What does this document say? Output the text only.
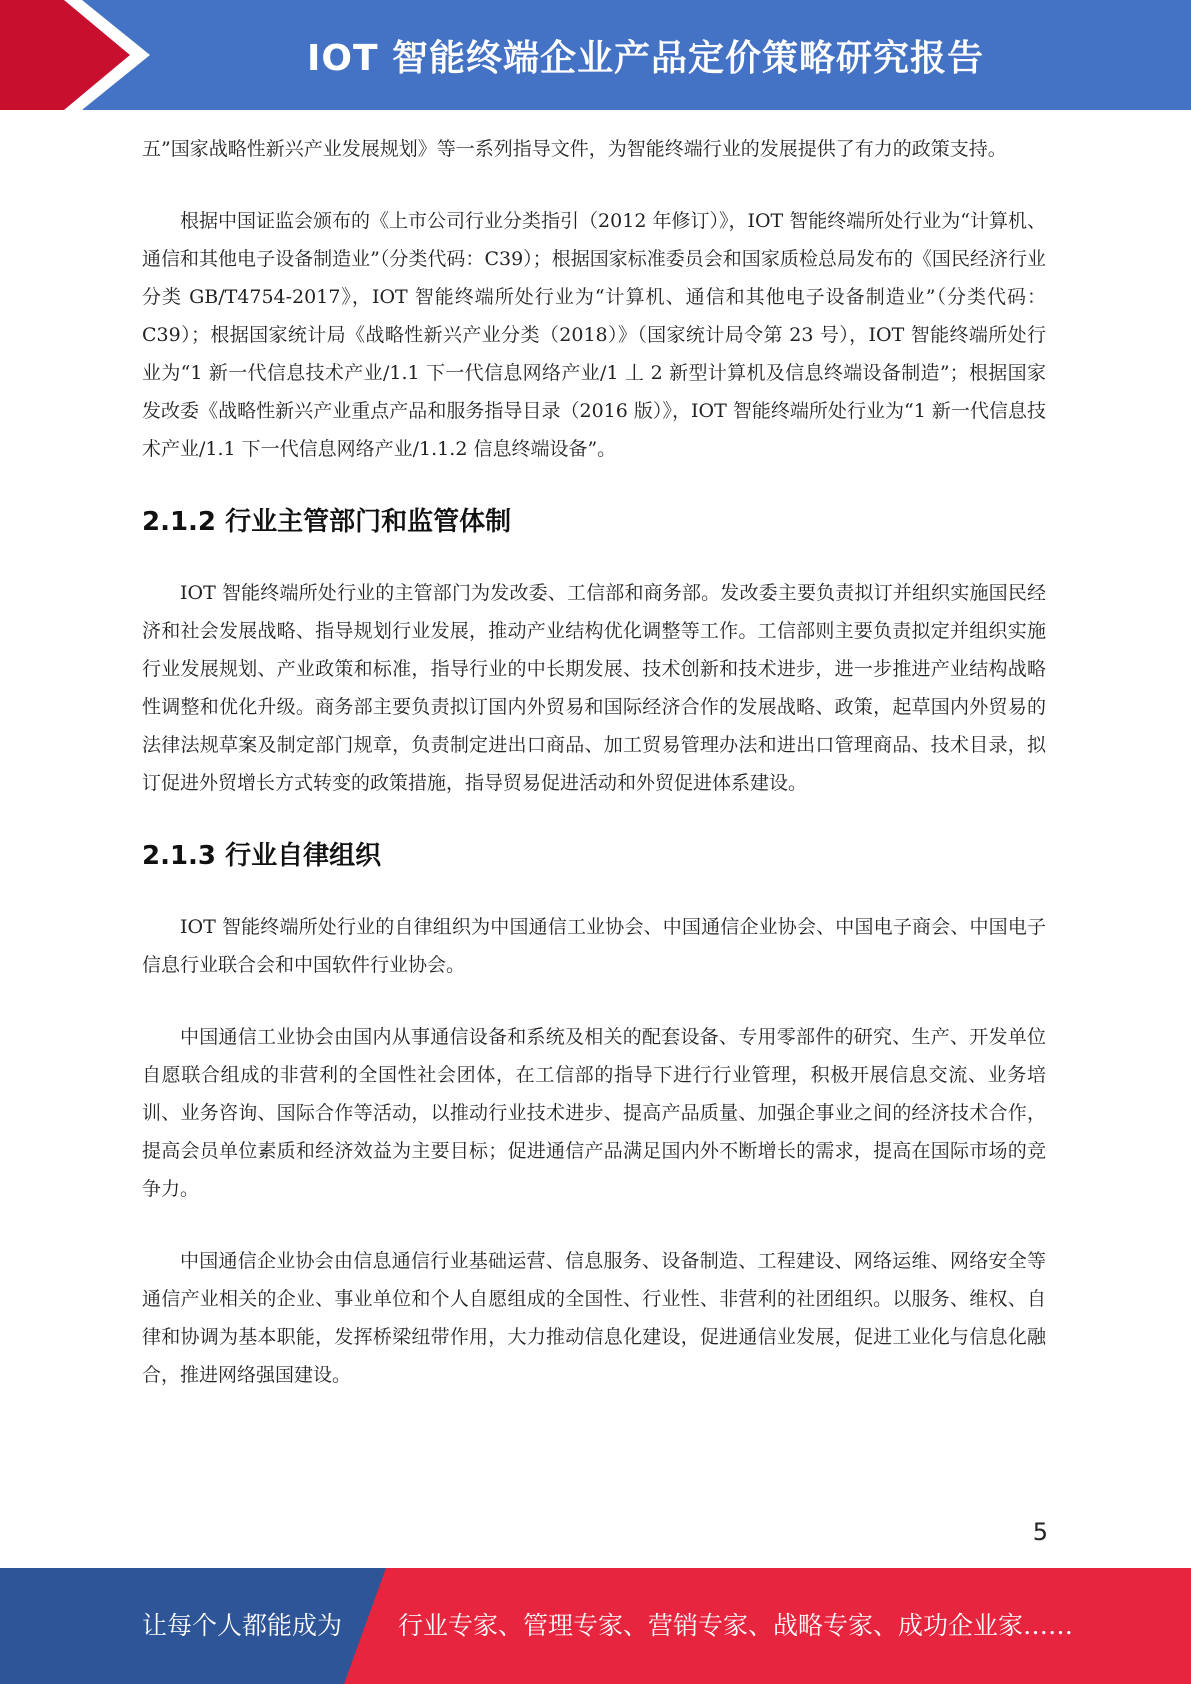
IOT 智能终端企业产品定价策略研究报告

五”国家战略性新兴产业发展规划》等一系列指导文件，为智能终端行业的发展提供了有力的政策支持。

根据中国证监会颁布的《上市公司行业分类指引（2012 年修订）》，IOT 智能终端所处行业为“计算机、通信和其他电子设备制造业”（分类代码：C39）；根据国家标准委员会和国家质检总局发布的《国民经济行业分类 GB/T4754-2017》，IOT 智能终端所处行业为“计算机、通信和其他电子设备制造业”（分类代码：C39）；根据国家统计局《战略性新兴产业分类（2018）》（国家统计局令第 23 号），IOT 智能终端所处行业为“1 新一代信息技术产业/1.1 下一代信息网络产业/1 丄 2 新型计算机及信息终端设备制造”；根据国家发改委《战略性新兴产业重点产品和服务指导目录（2016 版）》，IOT 智能终端所处行业为“1 新一代信息技术产业/1.1 下一代信息网络产业/1.1.2 信息终端设备”。

2.1.2 行业主管部门和监管体制

IOT 智能终端所处行业的主管部门为发改委、工信部和商务部。发改委主要负责拟订并组织实施国民经济和社会发展战略、指导规划行业发展，推动产业结构优化调整等工作。工信部则主要负责拟定并组织实施行业发展规划、产业政策和标准，指导行业的中长期发展、技术创新和技术进步，进一步推进产业结构战略性调整和优化升级。商务部主要负责拟订国内外贸易和国际经济合作的发展战略、政策，起草国内外贸易的法律法规草案及制定部门规章，负责制定进出口商品、加工贸易管理办法和进出口管理商品、技术目录，拟订促进外贸增长方式转变的政策措施，指导贸易促进活动和外贸促进体系建设。

2.1.3 行业自律组织

IOT 智能终端所处行业的自律组织为中国通信工业协会、中国通信企业协会、中国电子商会、中国电子信息行业联合会和中国软件行业协会。

中国通信工业协会由国内从事通信设备和系统及相关的配套设备、专用零部件的研究、生产、开发单位自愿联合组成的非营利的全国性社会团体，在工信部的指导下进行行业管理，积极开展信息交流、业务培训、业务咨询、国际合作等活动，以推动行业技术进步、提高产品质量、加强企事业之间的经济技术合作，提高会员单位素质和经济效益为主要目标；促进通信产品满足国内外不断增长的需求，提高在国际市场的竞争力。

中国通信企业协会由信息通信行业基础运营、信息服务、设备制造、工程建设、网络运维、网络安全等通信产业相关的企业、事业单位和个人自愿组成的全国性、行业性、非营利的社团组织。以服务、维权、自律和协调为基本职能，发挥桥梁纽带作用，大力推动信息化建设，促进通信业发展，促进工业化与信息化融合，推进网络强国建设。

5
让每个人都能成为 行业专家、管理专家、营销专家、战略专家、成功企业家……
